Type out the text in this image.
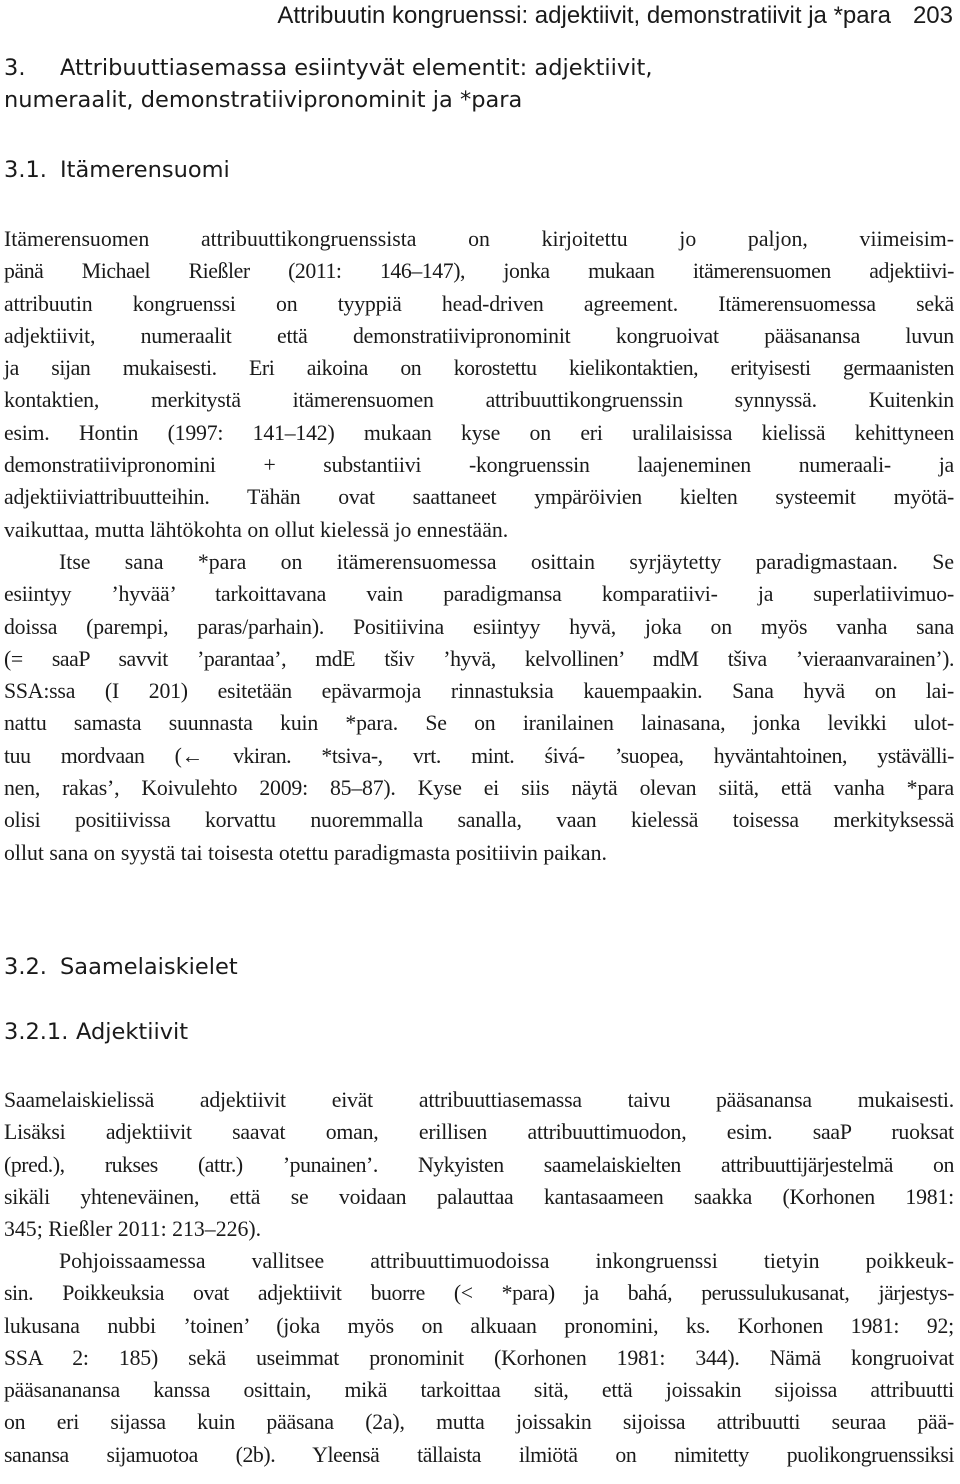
Attribuutin kongruenssi: adjektiivit, demonstratiivit ja *para 203
3. Attribuuttiasemassa esiintyvät elementit: adjektiivit,
numeraalit, demonstratiivipronominit ja *para
3.1. Itämerensuomi

Itämerensuomen attribuuttikongruenssista on kirjoitettu jo paljon, viimeisim-
pänä Michael Rießler (2011: 146–147), jonka mukaan itämerensuomen adjektiivi-
attribuutin kongruenssi on tyyppiä head-driven agreement. Itämerensuomessa sekä
adjektiivit, numeraalit että demonstratiivipronominit kongruoivat pääsanansa luvun
ja sijan mukaisesti. Eri aikoina on korostettu kielikontaktien, erityisesti germaanisten
kontaktien, merkitystä itämerensuomen attribuuttikongruenssin synnyssä. Kuitenkin
esim. Hontin (1997: 141–142) mukaan kyse on eri uralilaisissa kielissä kehittyneen
demonstratiivipronomini + substantiivi -kongruenssin laajeneminen numeraali- ja
adjektiiviattribuutteihin. Tähän ovat saattaneet ympäröivien kielten systeemit myötä-
vaikuttaa, mutta lähtökohta on ollut kielessä jo ennestään.

Itse sana *para on itämerensuomessa osittain syrjäytetty paradigmastaan. Se
esiintyy ’hyvää’ tarkoittavana vain paradigmansa komparatiivi- ja superlatiivimuo-
doissa (parempi, paras/parhain). Positiivina esiintyy hyvä, joka on myös vanha sana
(= saaP savvit ’parantaa’, mdE tšiv ’hyvä, kelvollinen’ mdM tšiva ’vieraanvarainen’).
SSA:ssa (I 201) esitetään epävarmoja rinnastuksia kauempaakin. Sana hyvä on lai-
nattu samasta suunnasta kuin *para. Se on iranilainen lainasana, jonka levikki ulot-
tuu mordvaan (← vkiran. *tsiva-, vrt. mint. śivá- ’suopea, hyväntahtoinen, ystävälli-
nen, rakas’, Koivulehto 2009: 85–87). Kyse ei siis näytä olevan siitä, että vanha *para
olisi positiivissa korvattu nuoremmalla sanalla, vaan kielessä toisessa merkityksessä
ollut sana on syystä tai toisesta otettu paradigmasta positiivin paikan.

3.2. Saamelaiskielet
3.2.1. Adjektiivit

Saamelaiskielissä adjektiivit eivät attribuuttiasemassa taivu pääsanansa mukaisesti.
Lisäksi adjektiivit saavat oman, erillisen attribuuttimuodon, esim. saaP ruoksat
(pred.), rukses (attr.) ’punainen’. Nykyisten saamelaiskielten attribuuttijärjestelmä on
sikäli yhteneväinen, että se voidaan palauttaa kantasaameen saakka (Korhonen 1981:
345; Rießler 2011: 213–226).

Pohjoissaamessa vallitsee attribuuttimuodoissa inkongruenssi tietyin poikkeuk-
sin. Poikkeuksia ovat adjektiivit buorre (< *para) ja bahá, perussulukusanat, järjestys-
lukusana nubbi ’toinen’ (joka myös on alkuaan pronomini, ks. Korhonen 1981: 92;
SSA 2: 185) sekä useimmat pronominit (Korhonen 1981: 344). Nämä kongruoivat
pääsananansa kanssa osittain, mikä tarkoittaa sitä, että joissakin sijoissa attribuutti
on eri sijassa kuin pääsana (2a), mutta joissakin sijoissa attribuutti seuraa pää-
sanansa sijamuotoa (2b). Yleensä tällaista ilmiötä on nimitetty puolikongruenssiksi
